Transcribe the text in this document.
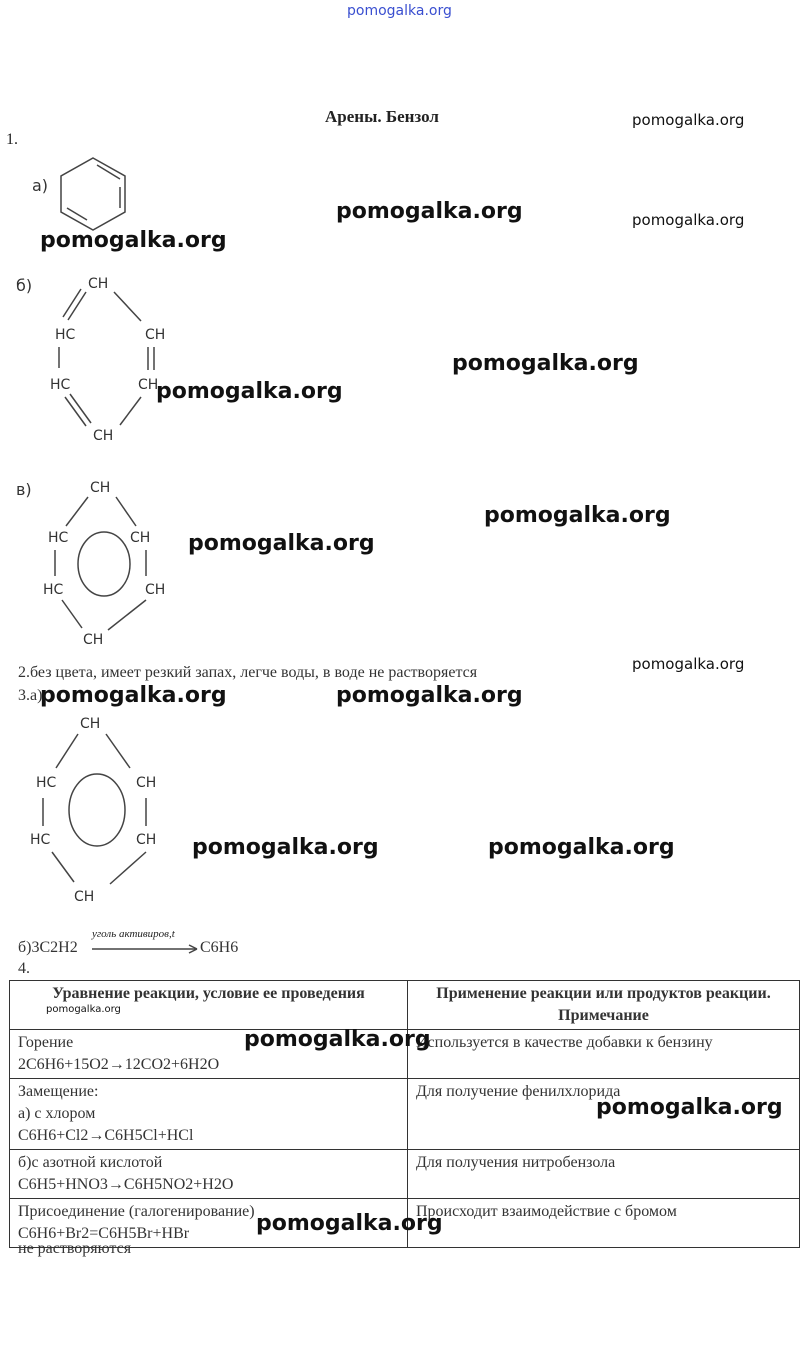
pomogalka.org
Арены. Бензол
1.
а)
б)	CH
HC	CH
HC	CH
CH
в)	CH
HC	CH
HC	CH
CH
2.без цвета, имеет резкий запах, легче воды, в воде не растворяется
3.а)
CH
HC	CH
HC	CH
CH
б)3C2H2
уголь активиров,t
C6H6
4.
Уравнение реакции, условие ее проведения	Применение реакции или продуктов реакции. Примечание

Горение
2C6H6+15O2→12CO2+6H2O	Используется в качестве добавки к бензину

Замещение:
а) с хлором
C6H6+Cl2→C6H5Cl+HCl	Для получение фенилхлорида

б)с азотной кислотой
C6H5+HNO3→C6H5NO2+H2O	Для получения нитробензола

Присоединение (галогенирование)
C6H6+Br2=C6H5Br+HBr	Происходит взаимодействие с бромом
не растворяются
pomogalka.org
pomogalka.org	pomogalka.org
pomogalka.org
pomogalka.org
pomogalka.org
pomogalka.org
pomogalka.org
pomogalka.org
pomogalka.org	pomogalka.org
pomogalka.org	pomogalka.org
pomogalka.org
pomogalka.org
pomogalka.org
pomogalka.org
